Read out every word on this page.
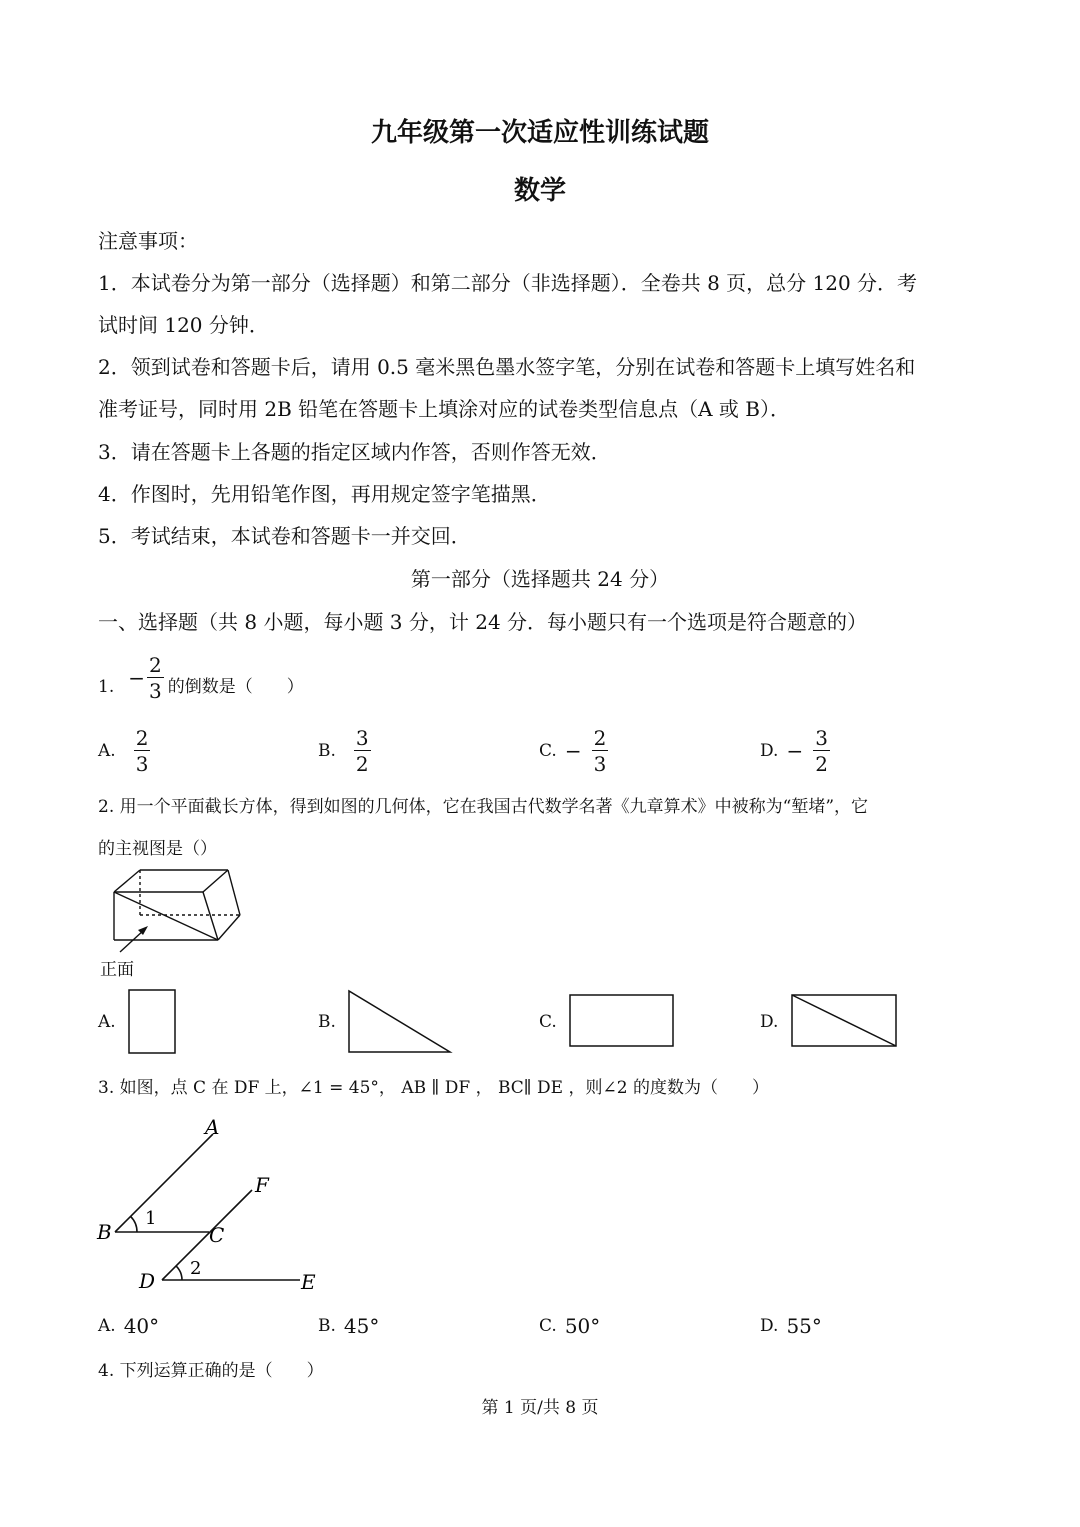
九年级第一次适应性训练试题
数学
注意事项：
1．本试卷分为第一部分（选择题）和第二部分（非选择题）．全卷共 8 页，总分 120 分．考
试时间 120 分钟．
2．领到试卷和答题卡后，请用 0.5 毫米黑色墨水签字笔，分别在试卷和答题卡上填写姓名和
准考证号，同时用 2B 铅笔在答题卡上填涂对应的试卷类型信息点（A 或 B）．
3．请在答题卡上各题的指定区域内作答，否则作答无效．
4．作图时，先用铅笔作图，再用规定签字笔描黑．
5．考试结束，本试卷和答题卡一并交回．
第一部分（选择题共 24 分）
一、选择题（共 8 小题，每小题 3 分，计 24 分．每小题只有一个选项是符合题意的）
1. − $\frac{2}{3}$ 的倒数是（　　）
A. $\frac{2}{3}$	B. $\frac{3}{2}$	C. − $\frac{2}{3}$	D. − $\frac{3}{2}$
2. 用一个平面截长方体，得到如图的几何体，它在我国古代数学名著《九章算术》中被称为“堑堵”，它
的主视图是（）
正面
A.	B.	C.	D.
3. 如图，点 C 在 DF 上，∠1 = 45°， AB ∥ DF ， BC∥ DE ，则∠2 的度数为（　　）
A
F
B	C
D	E
1
2
A. 40°	B. 45°	C. 50°	D. 55°
4. 下列运算正确的是（　　）
第 1 页/共 8 页
